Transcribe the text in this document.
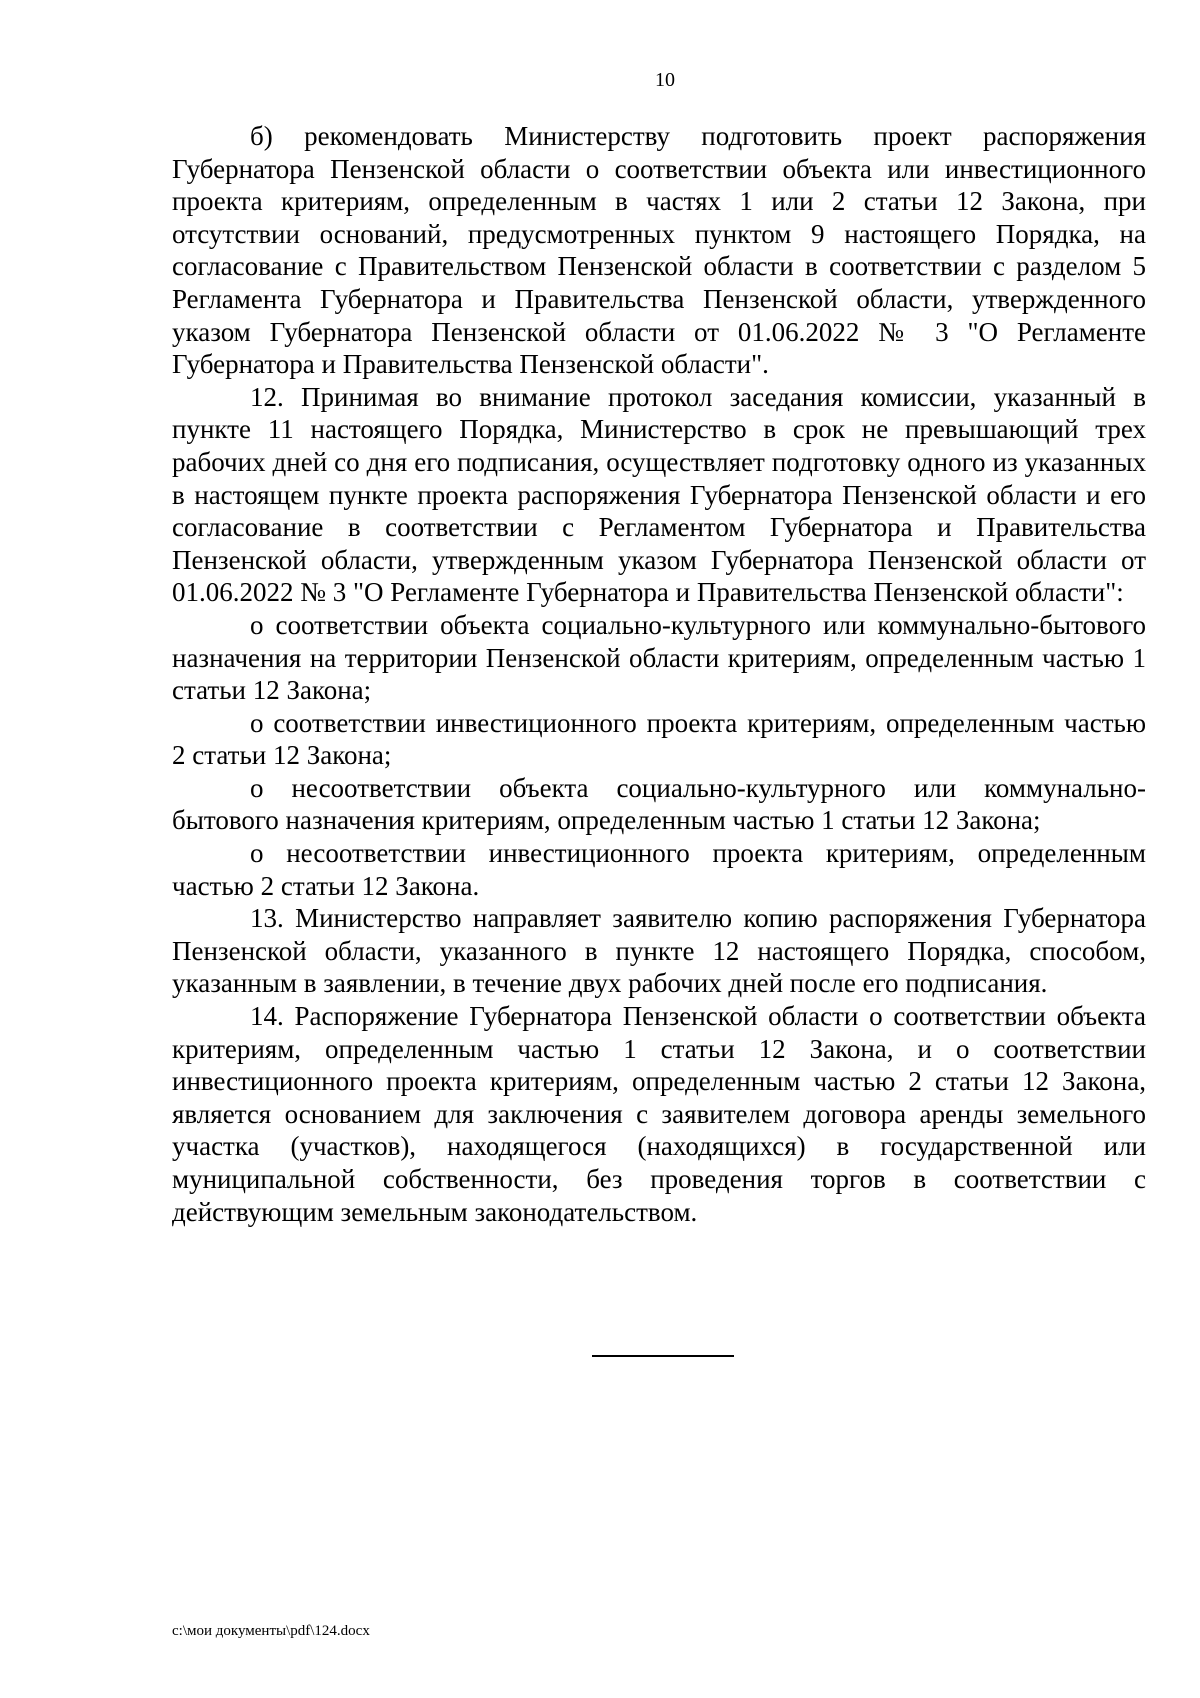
10

б) рекомендовать Министерству подготовить проект распоряжения Губернатора Пензенской области о соответствии объекта или инвестиционного проекта критериям, определенным в частях 1 или 2 статьи 12 Закона, при отсутствии оснований, предусмотренных пунктом 9 настоящего Порядка, на согласование с Правительством Пензенской области в соответствии с разделом 5 Регламента Губернатора и Правительства Пензенской области, утвержденного указом Губернатора Пензенской области от 01.06.2022 № 3 "О Регламенте Губернатора и Правительства Пензенской области".

12. Принимая во внимание протокол заседания комиссии, указанный в пункте 11 настоящего Порядка, Министерство в срок не превышающий трех рабочих дней со дня его подписания, осуществляет подготовку одного из указанных в настоящем пункте проекта распоряжения Губернатора Пензенской области и его согласование в соответствии с Регламентом Губернатора и Правительства Пензенской области, утвержденным указом Губернатора Пензенской области от 01.06.2022 № 3 "О Регламенте Губернатора и Правительства Пензенской области":

о соответствии объекта социально-культурного или коммунально-бытового назначения на территории Пензенской области критериям, определенным частью 1 статьи 12 Закона;

о соответствии инвестиционного проекта критериям, определенным частью 2 статьи 12 Закона;

о несоответствии объекта социально-культурного или коммунально-бытового назначения критериям, определенным частью 1 статьи 12 Закона;

о несоответствии инвестиционного проекта критериям, определенным частью 2 статьи 12 Закона.

13. Министерство направляет заявителю копию распоряжения Губернатора Пензенской области, указанного в пункте 12 настоящего Порядка, способом, указанным в заявлении, в течение двух рабочих дней после его подписания.

14. Распоряжение Губернатора Пензенской области о соответствии объекта критериям, определенным частью 1 статьи 12 Закона, и о соответствии инвестиционного проекта критериям, определенным частью 2 статьи 12 Закона, является основанием для заключения с заявителем договора аренды земельного участка (участков), находящегося (находящихся) в государственной или муниципальной собственности, без проведения торгов в соответствии с действующим земельным законодательством.

c:\мои документы\pdf\124.docx
